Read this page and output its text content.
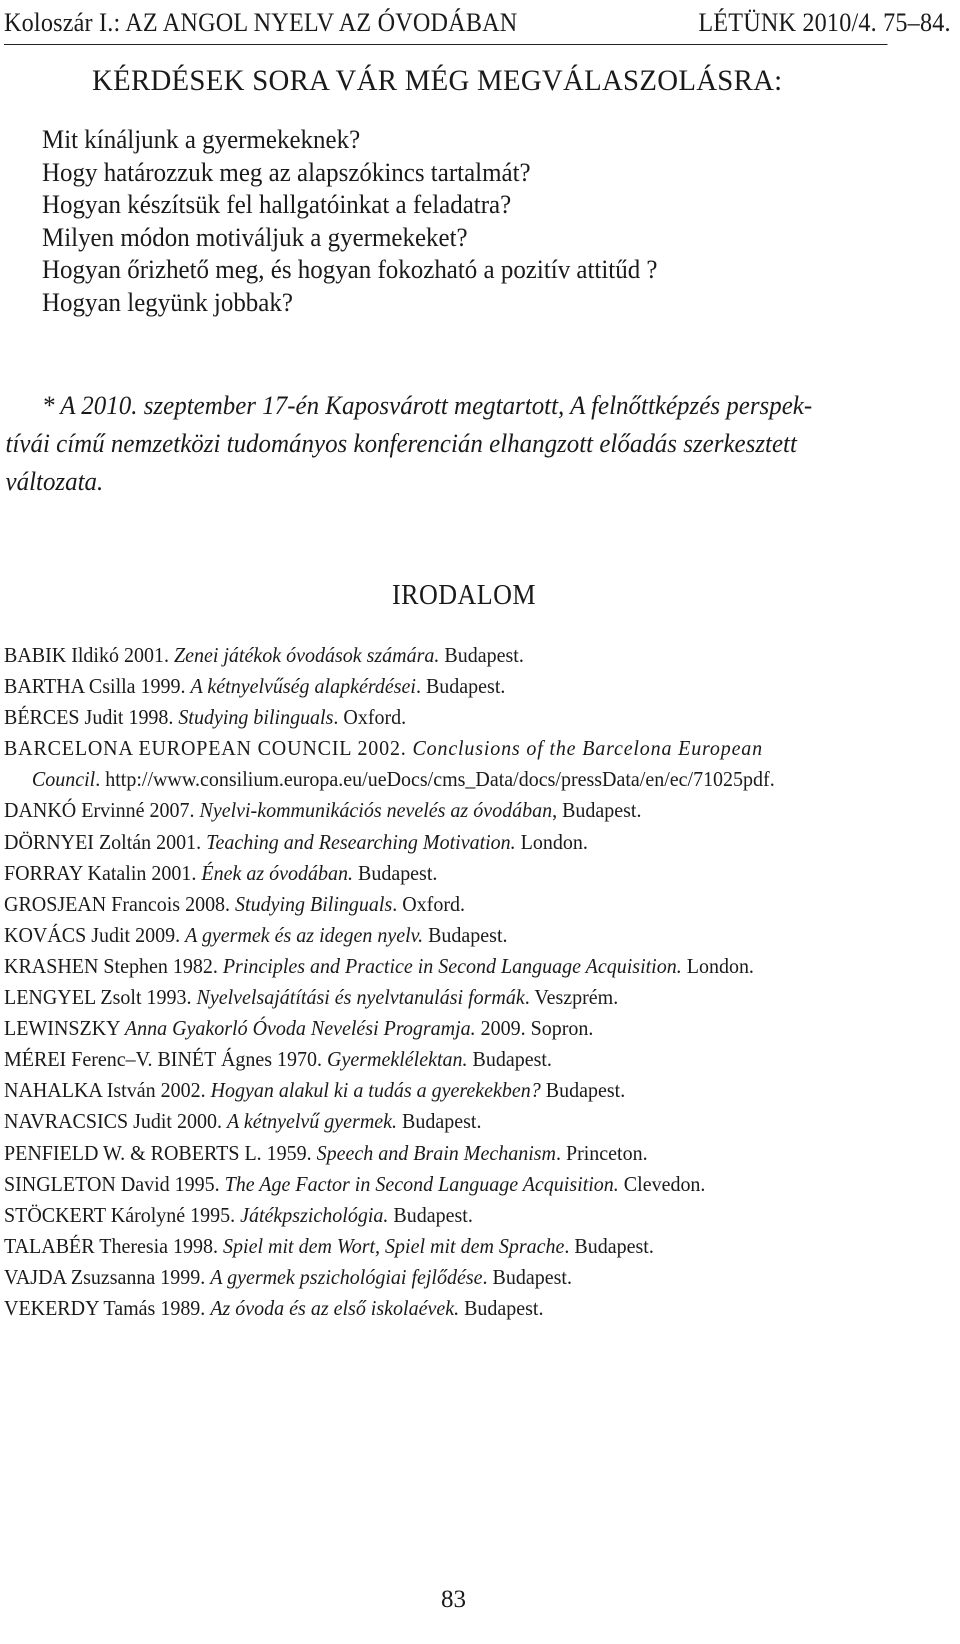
Koloszár I.: AZ ANGOL NYELV AZ ÓVODÁBAN	LÉTÜNK 2010/4. 75–84.
KÉRDÉSEK SORA VÁR MÉG MEGVÁLASZOLÁSRA:
Mit kínáljunk a gyermekeknek?
Hogy határozzuk meg az alapszókincs tartalmát?
Hogyan készítsük fel hallgatóinkat a feladatra?
Milyen módon motiváljuk a gyermekeket?
Hogyan őrizhető meg, és hogyan fokozható a pozitív attitűd ?
Hogyan legyünk jobbak?
* A 2010. szeptember 17-én Kaposvárott megtartott, A felnőttképzés perspek-
tívái című nemzetközi tudományos konferencián elhangzott előadás szerkesztett
változata.
IRODALOM
BABIK Ildikó 2001. Zenei játékok óvodások számára. Budapest.
BARTHA Csilla 1999. A kétnyelvűség alapkérdései. Budapest.
BÉRCES Judit 1998. Studying bilinguals. Oxford.
BARCELONA EUROPEAN COUNCIL 2002. Conclusions of the Barcelona European
Council. http://www.consilium.europa.eu/ueDocs/cms_Data/docs/pressData/en/ec/71025pdf.
DANKÓ Ervinné 2007. Nyelvi-kommunikációs nevelés az óvodában, Budapest.
DÖRNYEI Zoltán 2001. Teaching and Researching Motivation. London.
FORRAY Katalin 2001. Ének az óvodában. Budapest.
GROSJEAN Francois 2008. Studying Bilinguals. Oxford.
KOVÁCS Judit 2009. A gyermek és az idegen nyelv. Budapest.
KRASHEN Stephen 1982. Principles and Practice in Second Language Acquisition. London.
LENGYEL Zsolt 1993. Nyelvelsajátítási és nyelvtanulási formák. Veszprém.
LEWINSZKY Anna Gyakorló Óvoda Nevelési Programja. 2009. Sopron.
MÉREI Ferenc–V. BINÉT Ágnes 1970. Gyermeklélektan. Budapest.
NAHALKA István 2002. Hogyan alakul ki a tudás a gyerekekben? Budapest.
NAVRACSICS Judit 2000. A kétnyelvű gyermek. Budapest.
PENFIELD W. & ROBERTS L. 1959. Speech and Brain Mechanism. Princeton.
SINGLETON David 1995. The Age Factor in Second Language Acquisition. Clevedon.
STÖCKERT Károlyné 1995. Játékpszichológia. Budapest.
TALABÉR Theresia 1998. Spiel mit dem Wort, Spiel mit dem Sprache. Budapest.
VAJDA Zsuzsanna 1999. A gyermek pszichológiai fejlődése. Budapest.
VEKERDY Tamás 1989. Az óvoda és az első iskolaévek. Budapest.
83
